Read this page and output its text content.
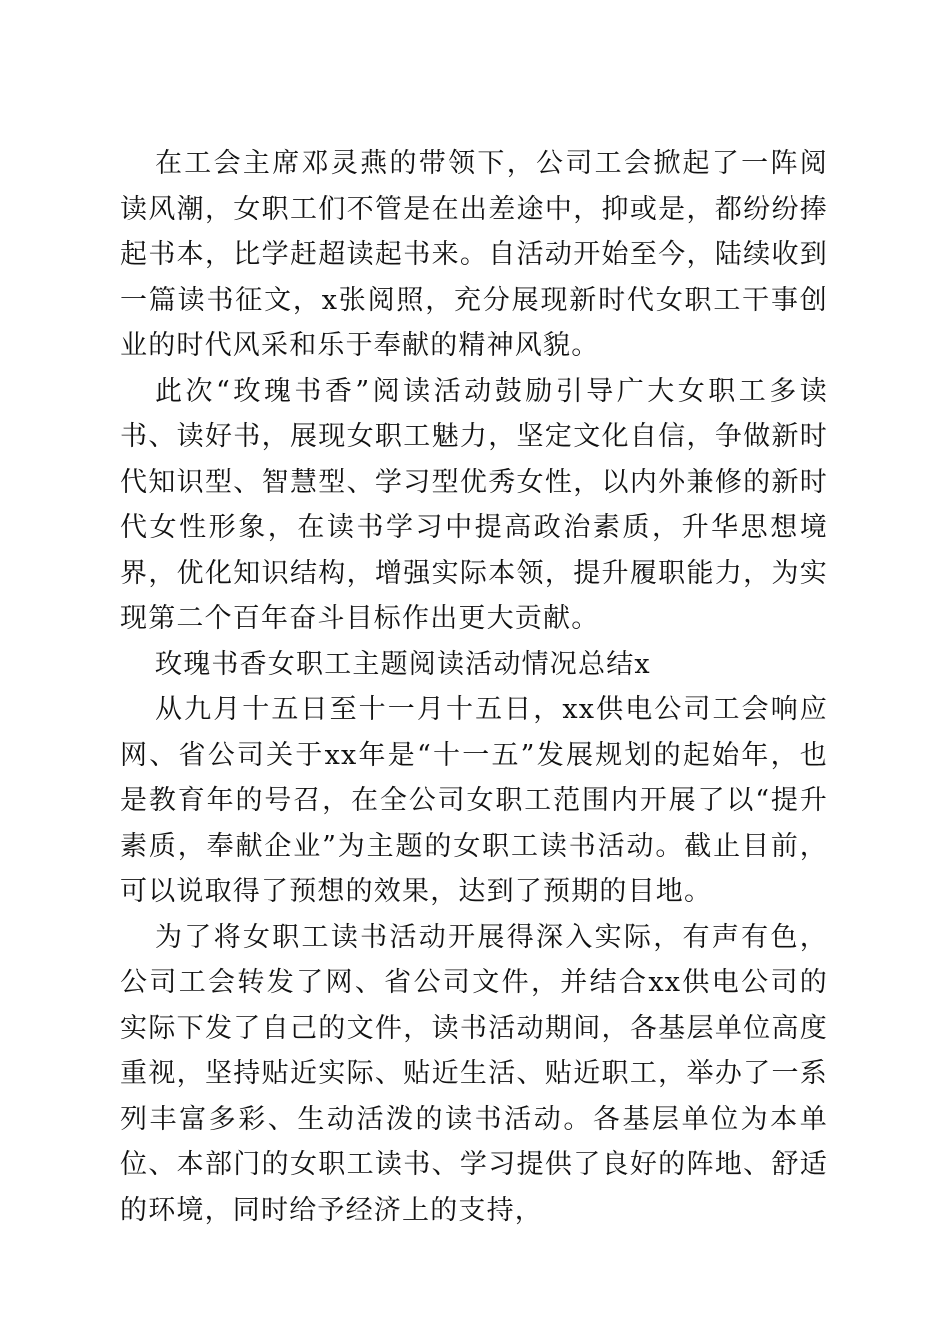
在工会主席邓灵燕的带领下，公司工会掀起了一阵阅读风潮，女职工们不管是在出差途中，抑或是，都纷纷捧起书本，比学赶超读起书来。自活动开始至今，陆续收到一篇读书征文，x张阅照，充分展现新时代女职工干事创业的时代风采和乐于奉献的精神风貌。

此次“玫瑰书香”阅读活动鼓励引导广大女职工多读书、读好书，展现女职工魅力，坚定文化自信，争做新时代知识型、智慧型、学习型优秀女性，以内外兼修的新时代女性形象，在读书学习中提高政治素质，升华思想境界，优化知识结构，增强实际本领，提升履职能力，为实现第二个百年奋斗目标作出更大贡献。

玫瑰书香女职工主题阅读活动情况总结x

从九月十五日至十一月十五日，xx供电公司工会响应网、省公司关于xx年是“十一五”发展规划的起始年，也是教育年的号召，在全公司女职工范围内开展了以“提升素质，奉献企业”为主题的女职工读书活动。截止目前，可以说取得了预想的效果，达到了预期的目地。

为了将女职工读书活动开展得深入实际，有声有色，公司工会转发了网、省公司文件，并结合xx供电公司的实际下发了自己的文件，读书活动期间，各基层单位高度重视，坚持贴近实际、贴近生活、贴近职工，举办了一系列丰富多彩、生动活泼的读书活动。各基层单位为本单位、本部门的女职工读书、学习提供了良好的阵地、舒适的环境，同时给予经济上的支持，
